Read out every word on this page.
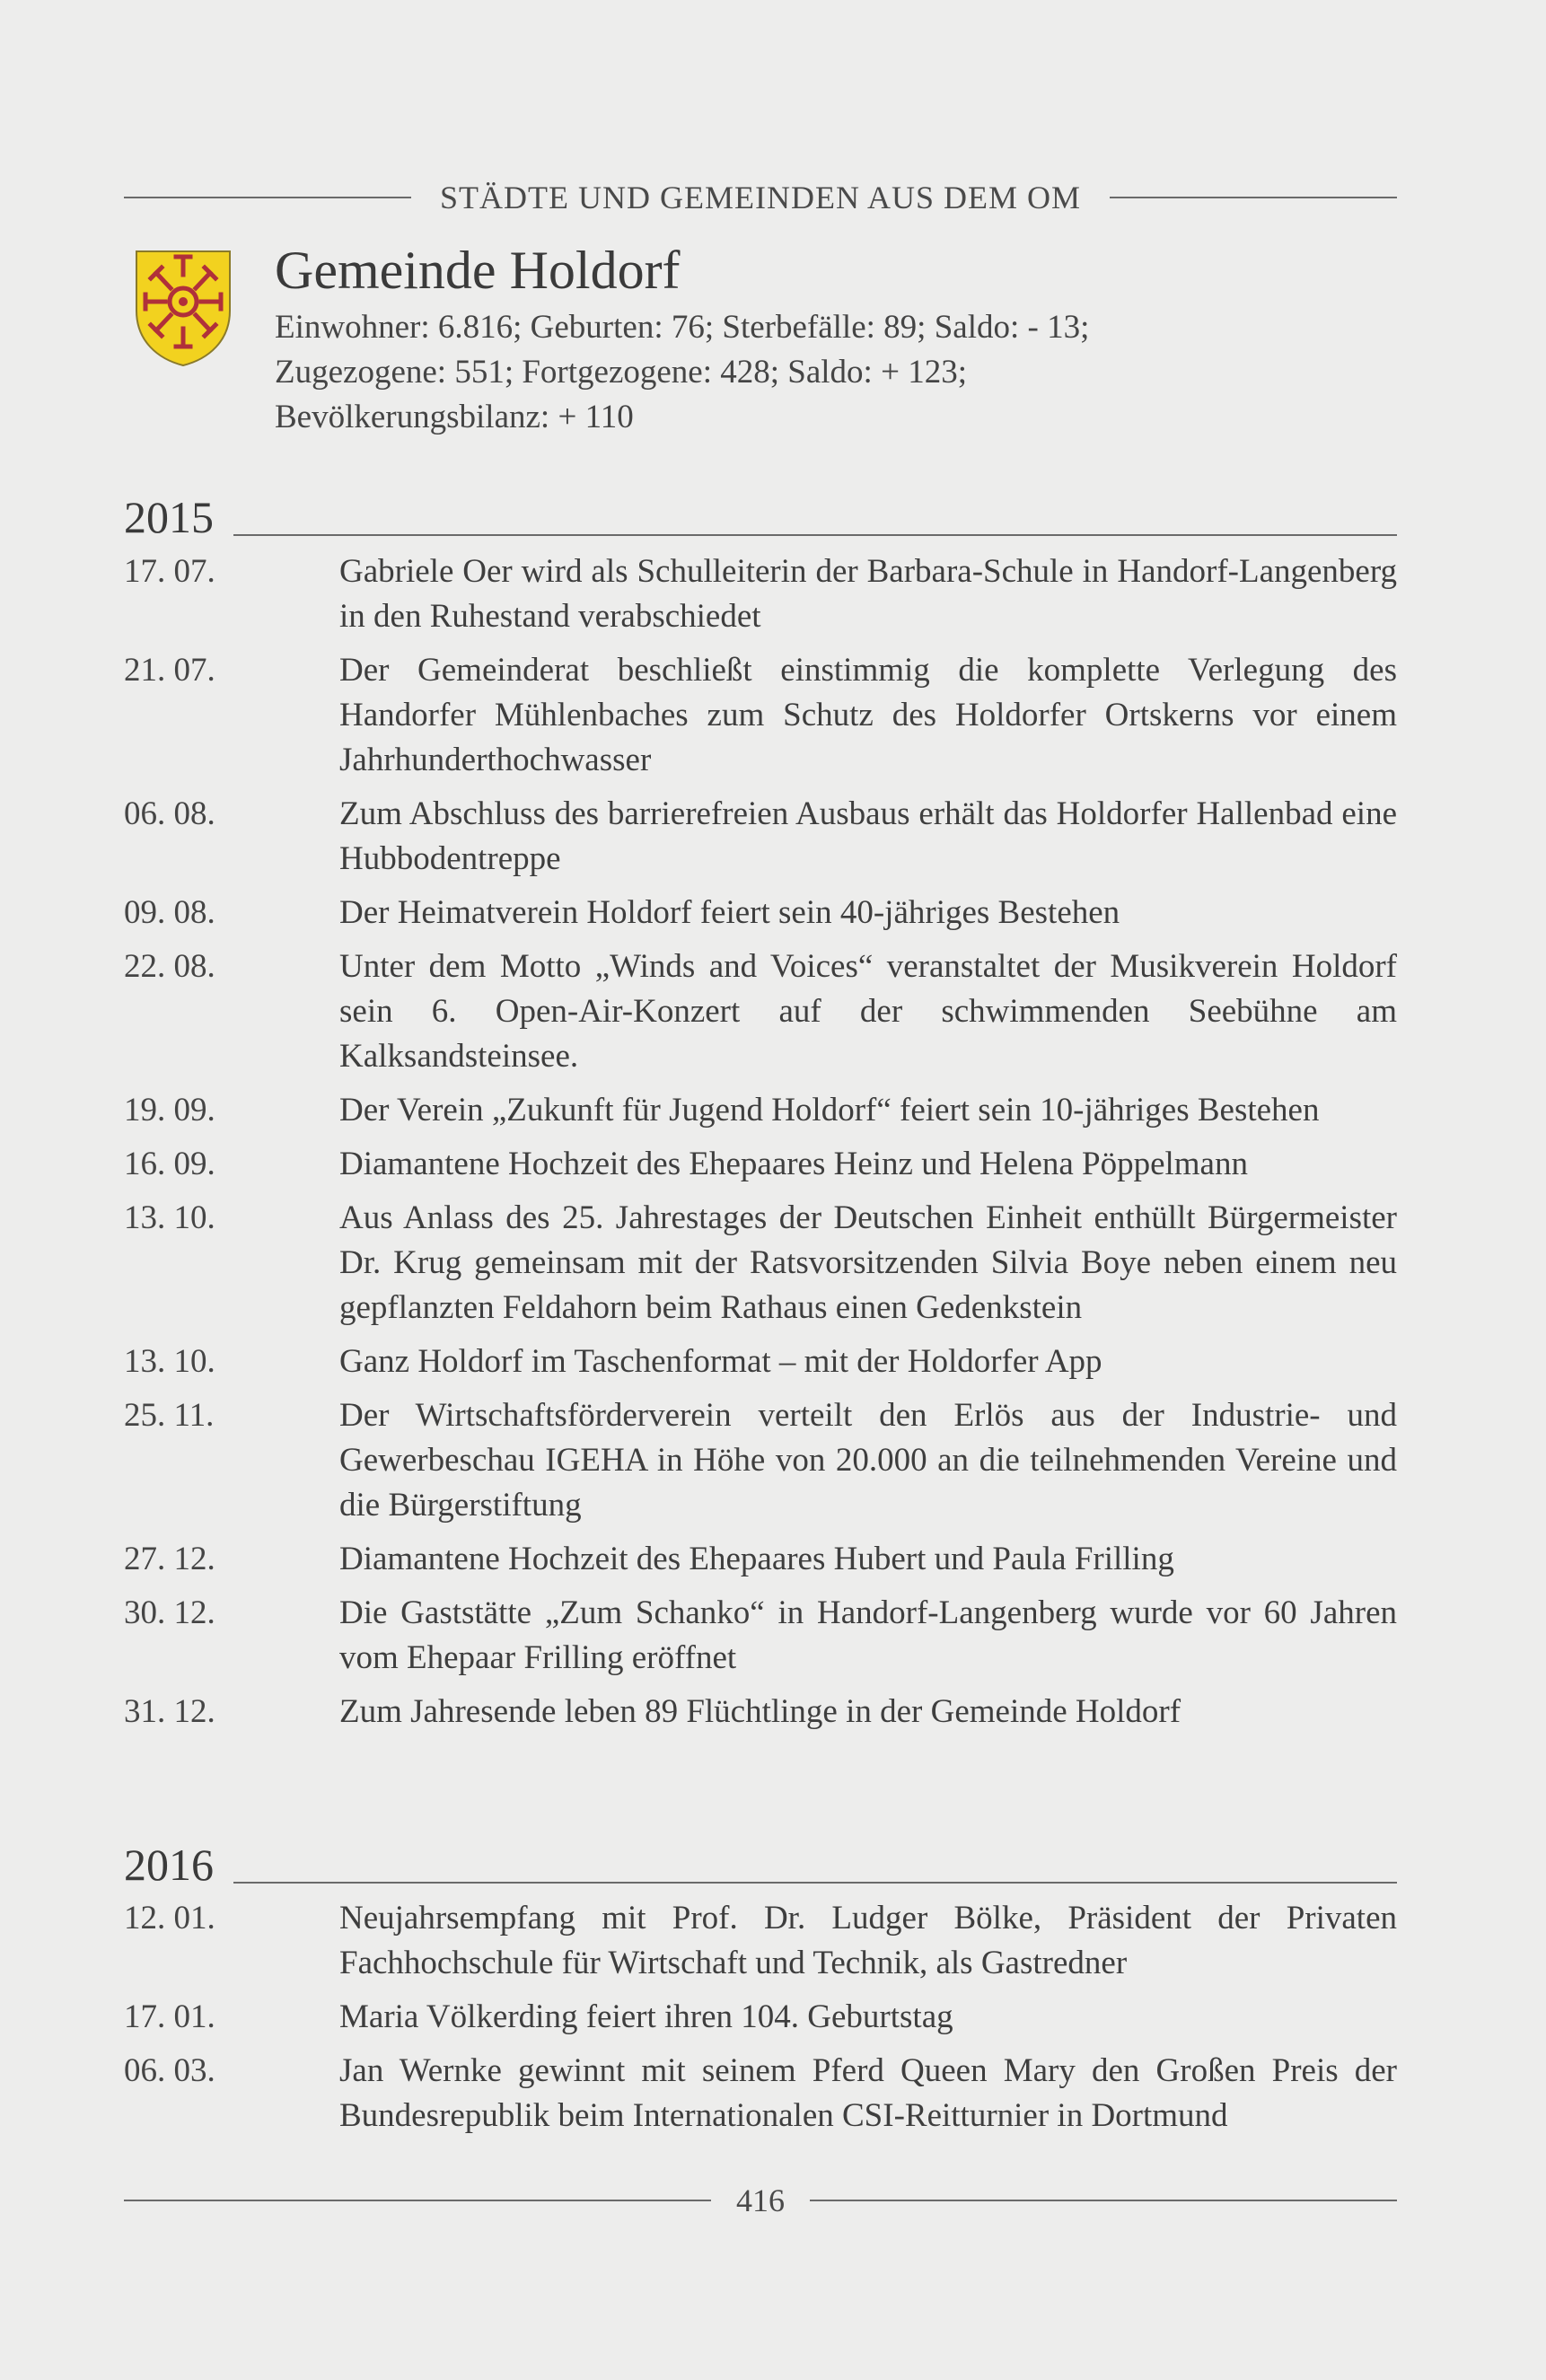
STÄDTE UND GEMEINDEN AUS DEM OM
Gemeinde Holdorf
Einwohner: 6.816; Geburten: 76; Sterbefälle: 89; Saldo: - 13;
Zugezogene: 551; Fortgezogene: 428; Saldo: + 123;
Bevölkerungsbilanz: + 110
2015
17. 07.	Gabriele Oer wird als Schulleiterin der Barbara-Schule in Handorf-Langenberg in den Ruhestand verabschiedet
21. 07.	Der Gemeinderat beschließt einstimmig die komplette Verlegung des Handorfer Mühlenbaches zum Schutz des Holdorfer Ortskerns vor einem Jahrhunderthochwasser
06. 08.	Zum Abschluss des barrierefreien Ausbaus erhält das Holdorfer Hallenbad eine Hubbodentreppe
09. 08.	Der Heimatverein Holdorf feiert sein 40-jähriges Bestehen
22. 08.	Unter dem Motto „Winds and Voices“ veranstaltet der Musikverein Holdorf sein 6. Open-Air-Konzert auf der schwimmenden Seebühne am Kalksandsteinsee.
19. 09.	Der Verein „Zukunft für Jugend Holdorf“ feiert sein 10-jähriges Bestehen
16. 09.	Diamantene Hochzeit des Ehepaares Heinz und Helena Pöppelmann
13. 10.	Aus Anlass des 25. Jahrestages der Deutschen Einheit enthüllt Bürgermeister Dr. Krug gemeinsam mit der Ratsvorsitzenden Silvia Boye neben einem neu gepflanzten Feldahorn beim Rathaus einen Gedenkstein
13. 10.	Ganz Holdorf im Taschenformat – mit der Holdorfer App
25. 11.	Der Wirtschaftsförderverein verteilt den Erlös aus der Industrie- und Gewerbeschau IGEHA in Höhe von 20.000 an die teilnehmenden Vereine und die Bürgerstiftung
27. 12.	Diamantene Hochzeit des Ehepaares Hubert und Paula Frilling
30. 12.	Die Gaststätte „Zum Schanko“ in Handorf-Langenberg wurde vor 60 Jahren vom Ehepaar Frilling eröffnet
31. 12.	Zum Jahresende leben 89 Flüchtlinge in der Gemeinde Holdorf
2016
12. 01.	Neujahrsempfang mit Prof. Dr. Ludger Bölke, Präsident der Privaten Fachhochschule für Wirtschaft und Technik, als Gastredner
17. 01.	Maria Völkerding feiert ihren 104. Geburtstag
06. 03.	Jan Wernke gewinnt mit seinem Pferd Queen Mary den Großen Preis der Bundesrepublik beim Internationalen CSI-Reitturnier in Dortmund
416
